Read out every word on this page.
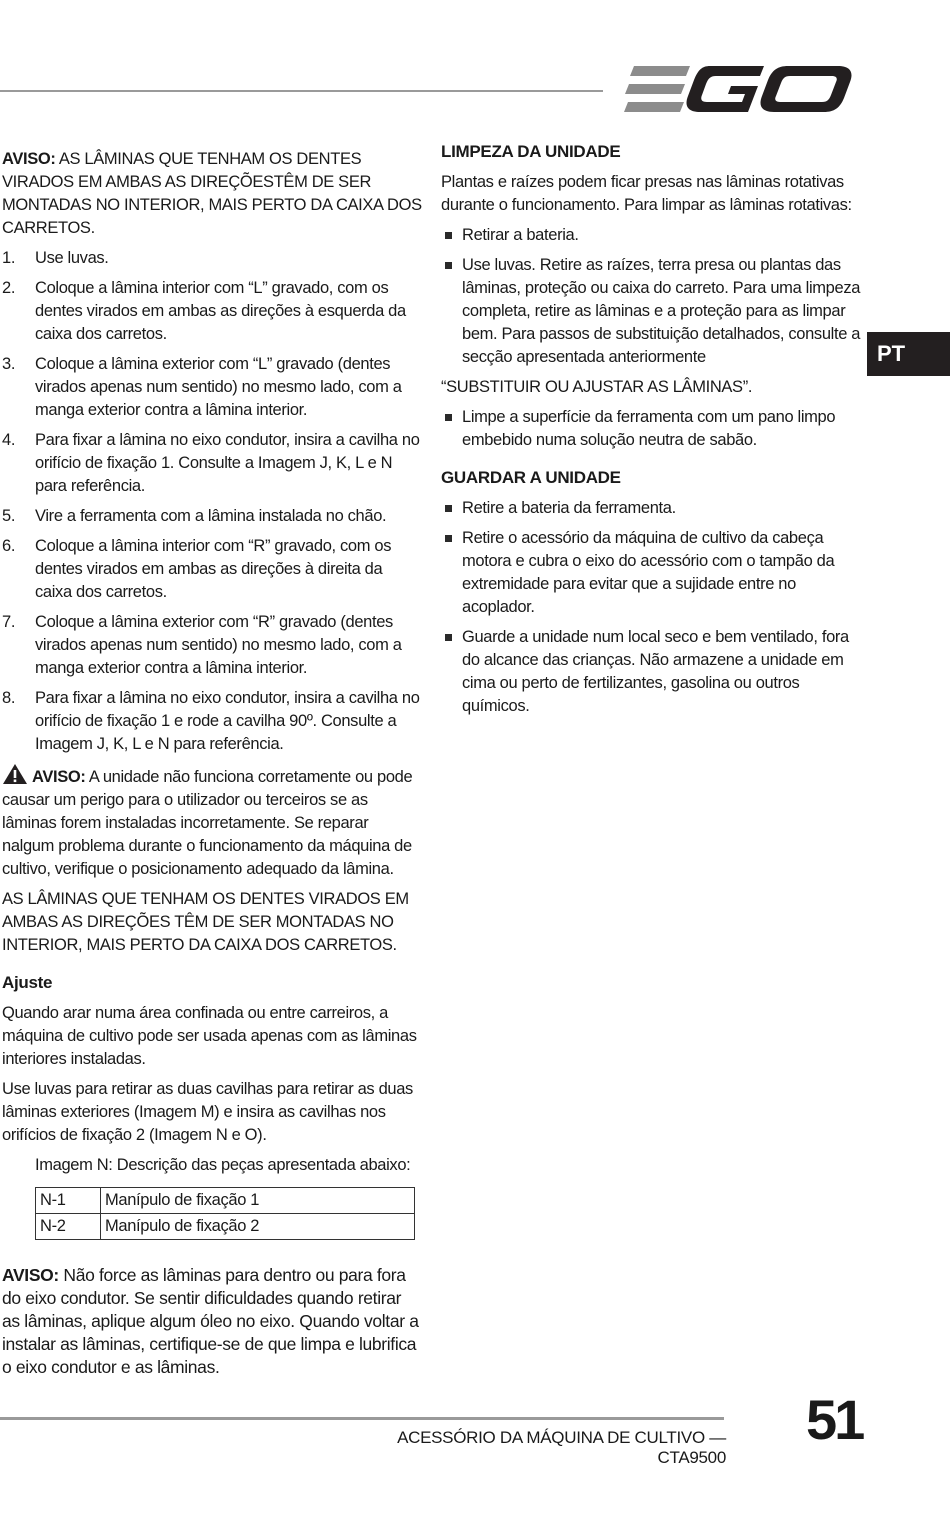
PT

AVISO: AS LÂMINAS QUE TENHAM OS DENTES VIRADOS EM AMBAS AS DIREÇÕESTÊM DE SER MONTADAS NO INTERIOR, MAIS PERTO DA CAIXA DOS CARRETOS.

1. Use luvas.
2. Coloque a lâmina interior com “L” gravado, com os dentes virados em ambas as direções à esquerda da caixa dos carretos.
3. Coloque a lâmina exterior com “L” gravado (dentes virados apenas num sentido) no mesmo lado, com a manga exterior contra a lâmina interior.
4. Para fixar a lâmina no eixo condutor, insira a cavilha no orifício de fixação 1. Consulte a Imagem J, K, L e N para referência.
5. Vire a ferramenta com a lâmina instalada no chão.
6. Coloque a lâmina interior com “R” gravado, com os dentes virados em ambas as direções à direita da caixa dos carretos.
7. Coloque a lâmina exterior com “R” gravado (dentes virados apenas num sentido) no mesmo lado, com a manga exterior contra a lâmina interior.
8. Para fixar a lâmina no eixo condutor, insira a cavilha no orifício de fixação 1 e rode a cavilha 90º. Consulte a Imagem J, K, L e N para referência.

AVISO: A unidade não funciona corretamente ou pode causar um perigo para o utilizador ou terceiros se as lâminas forem instaladas incorretamente. Se reparar nalgum problema durante o funcionamento da máquina de cultivo, verifique o posicionamento adequado da lâmina.

AS LÂMINAS QUE TENHAM OS DENTES VIRADOS EM AMBAS AS DIREÇÕES TÊM DE SER MONTADAS NO INTERIOR, MAIS PERTO DA CAIXA DOS CARRETOS.

Ajuste

Quando arar numa área confinada ou entre carreiros, a máquina de cultivo pode ser usada apenas com as lâminas interiores instaladas.

Use luvas para retirar as duas cavilhas para retirar as duas lâminas exteriores (Imagem M) e insira as cavilhas nos orifícios de fixação 2 (Imagem N e O).

Imagem N: Descrição das peças apresentada abaixo:

N-1	Manípulo de fixação 1
N-2	Manípulo de fixação 2

AVISO: Não force as lâminas para dentro ou para fora do eixo condutor. Se sentir dificuldades quando retirar as lâminas, aplique algum óleo no eixo. Quando voltar a instalar as lâminas, certifique-se de que limpa e lubrifica o eixo condutor e as lâminas.

LIMPEZA DA UNIDADE

Plantas e raízes podem ficar presas nas lâminas rotativas durante o funcionamento. Para limpar as lâminas rotativas:

Retirar a bateria.
Use luvas. Retire as raízes, terra presa ou plantas das lâminas, proteção ou caixa do carreto. Para uma limpeza completa, retire as lâminas e a proteção para as limpar bem. Para passos de substituição detalhados, consulte a secção apresentada anteriormente

“SUBSTITUIR OU AJUSTAR AS LÂMINAS”.

Limpe a superfície da ferramenta com um pano limpo embebido numa solução neutra de sabão.
GUARDAR A UNIDADE
Retire a bateria da ferramenta.
Retire o acessório da máquina de cultivo da cabeça motora e cubra o eixo do acessório com o tampão da extremidade para evitar que a sujidade entre no acoplador.
Guarde a unidade num local seco e bem ventilado, fora do alcance das crianças. Não armazene a unidade em cima ou perto de fertilizantes, gasolina ou outros químicos.
ACESSÓRIO DA MÁQUINA DE CULTIVO — CTA9500
51
